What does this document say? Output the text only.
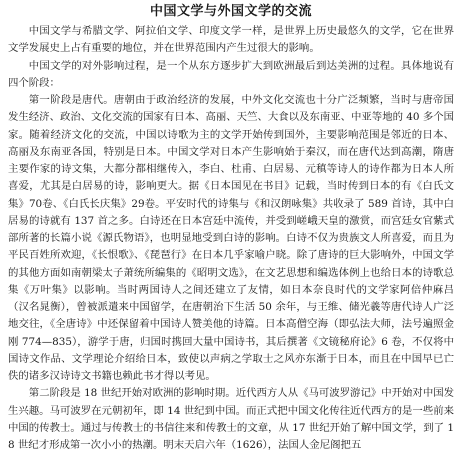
中国文学与外国文学的交流

中国文学与希腊文学、阿拉伯文学、印度文学一样，是世界上历史最悠久的文学，它在世界文学发展史上占有重要的地位，并在世界范围内产生过很大的影响。

中国文学的对外影响过程，是一个从东方逐步扩大到欧洲最后到达美洲的过程。具体地说有四个阶段：

第一阶段是唐代。唐朝由于政治经济的发展，中外文化交流也十分广泛频繁，当时与唐帝国发生经济、政治、文化交流的国家有日本、高丽、天竺、大食以及东南亚、中亚等地的 40 多个国家。随着经济文化的交流，中国以诗歌为主的文学开始传到国外，主要影响范围是邻近的日本、高丽及东南亚各国，特别是日本。中国文学对日本产生影响始于秦汉，而在唐代达到高潮，隋唐主要作家的诗文集，大都分都相继传入，李白、杜甫、白居易、元稹等诗人的诗作都为日本人所喜爱，尤其是白居易的诗，影响更大。据《日本国见在书目》记载，当时传到日本的有《白氏文集》70卷、《白氏长庆集》29卷。平安时代的诗集与《和汉朗咏集》共收录了 589 首诗，其中白居易的诗就有 137 首之多。白诗还在日本宫廷中流传，并受到嵯峨天皇的激赏，而宫廷女官紫式部所著的长篇小说《源氏物语》，也明显地受到白诗的影响。白诗不仅为贵族文人所喜爱，而且为平民百姓所欢迎，《长恨歌》、《琵琶行》在日本几乎家喻户晓。除了唐诗的巨大影响外，中国文学的其他方面如南朝梁太子萧统所编集的《昭明文选》，在文艺思想和编选体例上也给日本的诗歌总集《万叶集》以影响。当时两国诗人之间还建立了友情，如日本奈良时代的文学家阿倍仲麻吕（汉名晁衡），曾被派遣来中国留学，在唐朝治下生活 50 余年，与王维、储光羲等唐代诗人广泛地交往，《全唐诗》中还保留着中国诗人赞美他的诗篇。日本高僧空海（即弘法大师，法号遍照金刚 774—835），游学于唐，归国时携回大量中国诗书，其后撰著《文镜秘府论》6 卷，不仅将中国诗文作品、文学理论介绍给日本，致使以声病之学取士之风亦东渐于日本，而且在中国早已亡佚的诸多汉诗诗文书籍也赖此书才得以考见。

第二阶段是 18 世纪开始对欧洲的影响时期。近代西方人从《马可波罗游记》中开始对中国发生兴趣。马可波罗在元朝初年，即 14 世纪到中国。而正式把中国文化传往近代西方的是一些前来中国的传教士。通过与传教士的书信往来和传教士的文章，从 17 世纪开始了解中国文学，到了 18 世纪才形成第一次小小的热潮。明末天启六年（1626），法国人金尼阁把五
